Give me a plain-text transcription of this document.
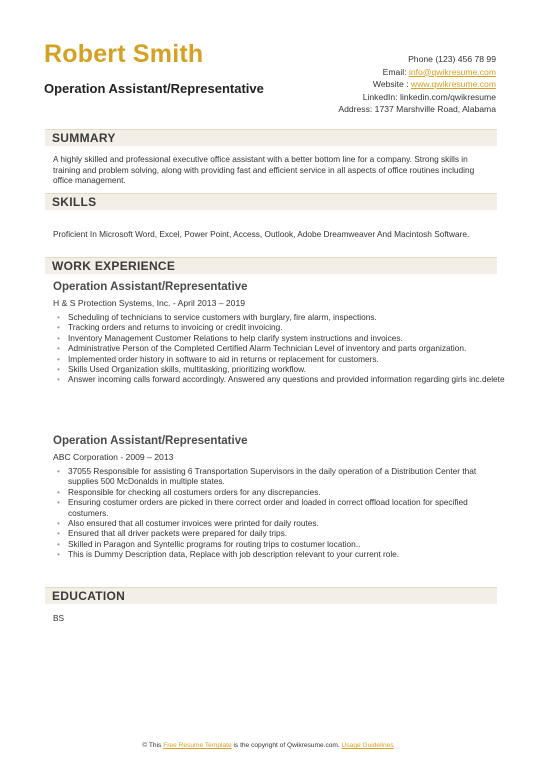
Robert Smith
Operation Assistant/Representative
Phone (123) 456 78 99
Email: info@qwikresume.com
Website : www.qwikresume.com
LinkedIn: linkedin.com/qwikresume
Address: 1737 Marshville Road, Alabama
SUMMARY
A highly skilled and professional executive office assistant with a better bottom line for a company. Strong skills in training and problem solving, along with providing fast and efficient service in all aspects of office routines including office management.
SKILLS
Proficient In Microsoft Word, Excel, Power Point, Access, Outlook, Adobe Dreamweaver And Macintosh Software.
WORK EXPERIENCE
Operation Assistant/Representative
H & S Protection Systems, Inc. - April 2013 – 2019
• Scheduling of technicians to service customers with burglary, fire alarm, inspections.
• Tracking orders and returns to invoicing or credit invoicing.
• Inventory Management Customer Relations to help clarify system instructions and invoices.
• Administrative Person of the Completed Certified Alarm Technician Level of inventory and parts organization.
• Implemented order history in software to aid in returns or replacement for customers.
• Skills Used Organization skills, multitasking, prioritizing workflow.
• Answer incoming calls forward accordingly. Answered any questions and provided information regarding girls inc.delete
Operation Assistant/Representative
ABC Corporation - 2009 – 2013
• 37055 Responsible for assisting 6 Transportation Supervisors in the daily operation of a Distribution Center that supplies 500 McDonalds in multiple states.
• Responsible for checking all costumers orders for any discrepancies.
• Ensuring costumer orders are picked in there correct order and loaded in correct offload location for specified costumers.
• Also ensured that all costumer invoices were printed for daily routes.
• Ensured that all driver packets were prepared for daily trips.
• Skilled in Paragon and Syntellic programs for routing trips to costumer location..
• This is Dummy Description data, Replace with job description relevant to your current role.
EDUCATION
BS
© This Free Resume Template is the copyright of Qwikresume.com. Usage Guidelines
